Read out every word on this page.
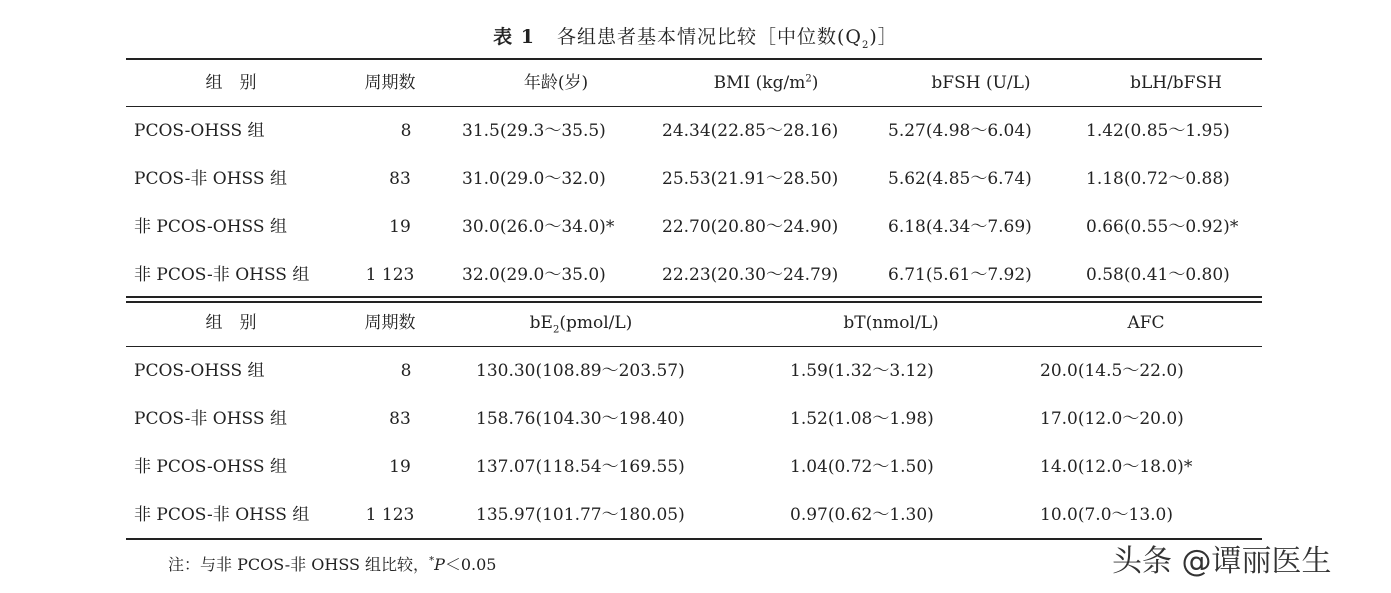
表 1 各组患者基本情况比较［中位数$(Q_2)]$
组　别	周期数	年龄(岁)	BMI $(kg/m^2)$	bFSH (U/L)	bLH/bFSH
PCOS-OHSS 组	8	31.5(29.3～35.5)	24.34(22.85～28.16)	5.27(4.98～6.04)	1.42(0.85～1.95)
PCOS-非 OHSS 组	83	31.0(29.0～32.0)	25.53(21.91～28.50)	5.62(4.85～6.74)	1.18(0.72～0.88)
非 PCOS-OHSS 组	19	30.0(26.0～34.0)*	22.70(20.80～24.90)	6.18(4.34～7.69)	0.66(0.55～0.92)*
非 PCOS-非 OHSS 组	1 123	32.0(29.0～35.0)	22.23(20.30～24.79)	6.71(5.61～7.92)	0.58(0.41～0.80)
组　别	周期数	$bE_2(pmol/L)$	bT(nmol/L)	AFC
PCOS-OHSS 组	8	130.30(108.89～203.57)	1.59(1.32～3.12)	20.0(14.5～22.0)
PCOS-非 OHSS 组	83	158.76(104.30～198.40)	1.52(1.08～1.98)	17.0(12.0～20.0)
非 PCOS-OHSS 组	19	137.07(118.54～169.55)	1.04(0.72～1.50)	14.0(12.0～18.0)*
非 PCOS-非 OHSS 组	1 123	135.97(101.77～180.05)	0.97(0.62～1.30)	10.0(7.0～13.0)
注：与非 PCOS-非 OHSS 组比较，*P＜0.05	头条 @谭丽医生
